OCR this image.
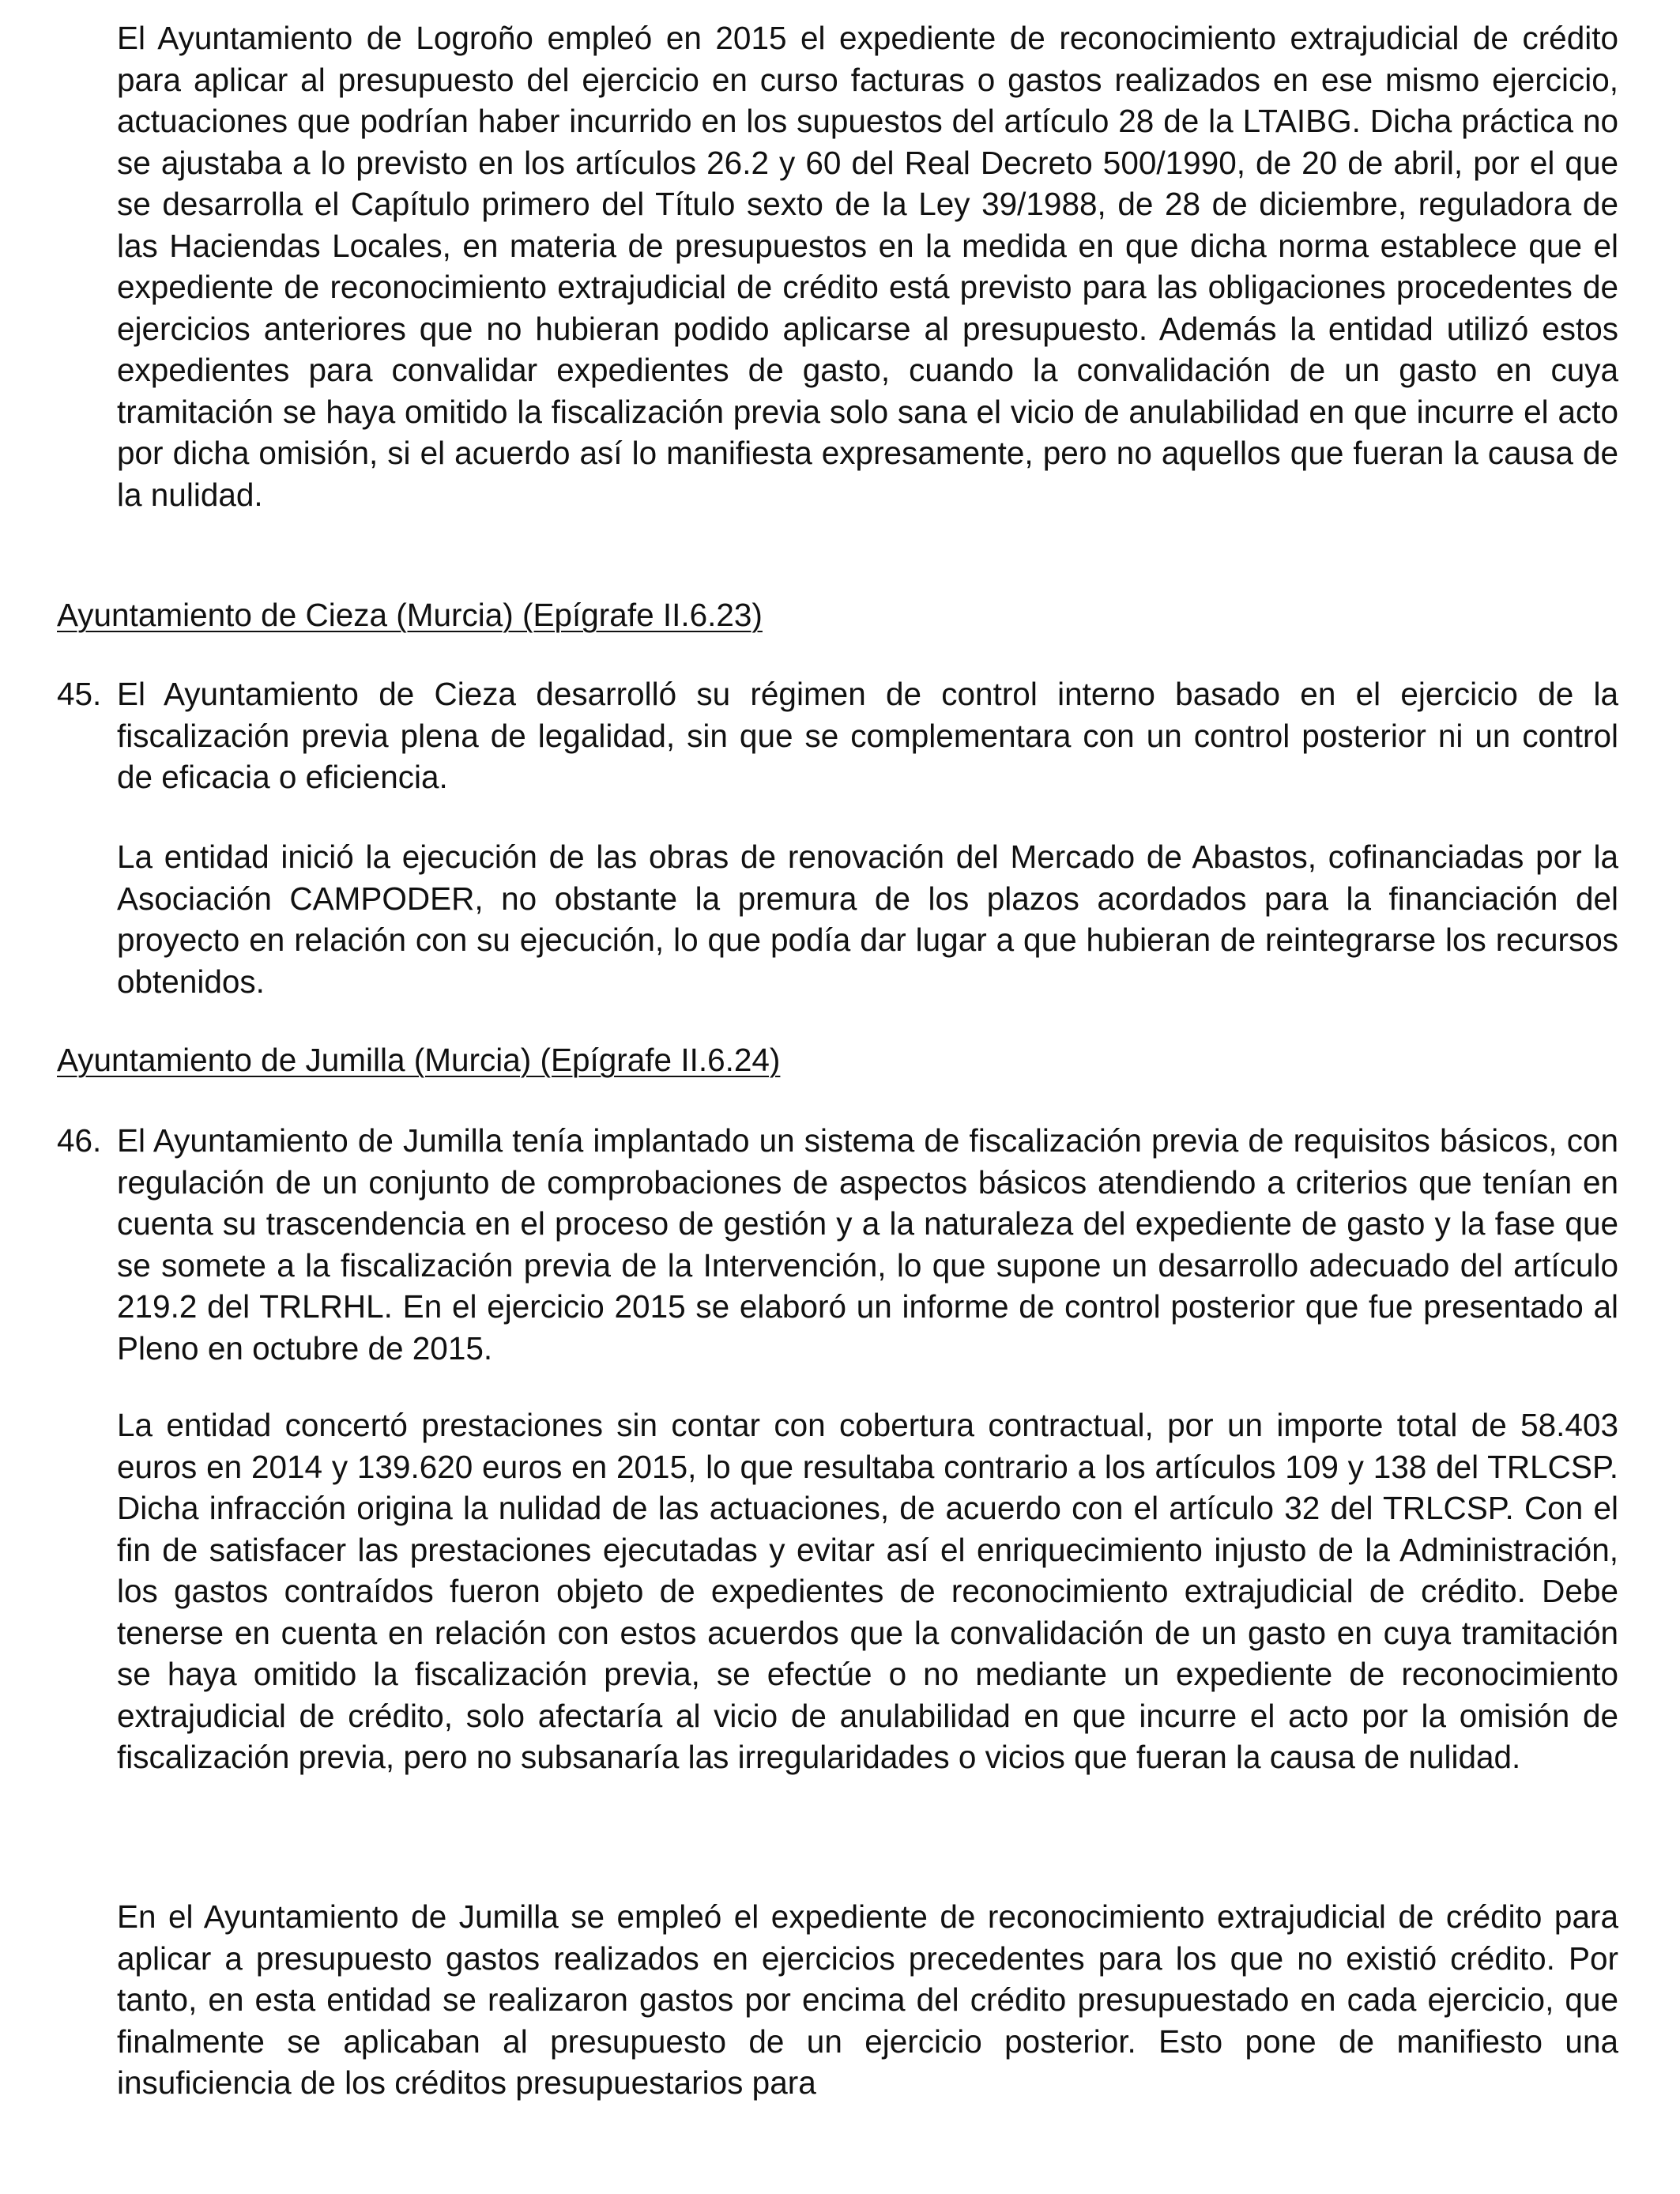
El Ayuntamiento de Logroño empleó en 2015 el expediente de reconocimiento extrajudicial de crédito para aplicar al presupuesto del ejercicio en curso facturas o gastos realizados en ese mismo ejercicio, actuaciones que podrían haber incurrido en los supuestos del artículo 28 de la LTAIBG. Dicha práctica no se ajustaba a lo previsto en los artículos 26.2 y 60 del Real Decreto 500/1990, de 20 de abril, por el que se desarrolla el Capítulo primero del Título sexto de la Ley 39/1988, de 28 de diciembre, reguladora de las Haciendas Locales, en materia de presupuestos en la medida en que dicha norma establece que el expediente de reconocimiento extrajudicial de crédito está previsto para las obligaciones procedentes de ejercicios anteriores que no hubieran podido aplicarse al presupuesto. Además la entidad utilizó estos expedientes para convalidar expedientes de gasto, cuando la convalidación de un gasto en cuya tramitación se haya omitido la fiscalización previa solo sana el vicio de anulabilidad en que incurre el acto por dicha omisión, si el acuerdo así lo manifiesta expresamente, pero no aquellos que fueran la causa de la nulidad.

Ayuntamiento de Cieza (Murcia) (Epígrafe II.6.23)

45. El Ayuntamiento de Cieza desarrolló su régimen de control interno basado en el ejercicio de la fiscalización previa plena de legalidad, sin que se complementara con un control posterior ni un control de eficacia o eficiencia.

La entidad inició la ejecución de las obras de renovación del Mercado de Abastos, cofinanciadas por la Asociación CAMPODER, no obstante la premura de los plazos acordados para la financiación del proyecto en relación con su ejecución, lo que podía dar lugar a que hubieran de reintegrarse los recursos obtenidos.

Ayuntamiento de Jumilla (Murcia) (Epígrafe II.6.24)

46. El Ayuntamiento de Jumilla tenía implantado un sistema de fiscalización previa de requisitos básicos, con regulación de un conjunto de comprobaciones de aspectos básicos atendiendo a criterios que tenían en cuenta su trascendencia en el proceso de gestión y a la naturaleza del expediente de gasto y la fase que se somete a la fiscalización previa de la Intervención, lo que supone un desarrollo adecuado del artículo 219.2 del TRLRHL. En el ejercicio 2015 se elaboró un informe de control posterior que fue presentado al Pleno en octubre de 2015.

La entidad concertó prestaciones sin contar con cobertura contractual, por un importe total de 58.403 euros en 2014 y 139.620 euros en 2015, lo que resultaba contrario a los artículos 109 y 138 del TRLCSP. Dicha infracción origina la nulidad de las actuaciones, de acuerdo con el artículo 32 del TRLCSP. Con el fin de satisfacer las prestaciones ejecutadas y evitar así el enriquecimiento injusto de la Administración, los gastos contraídos fueron objeto de expedientes de reconocimiento extrajudicial de crédito. Debe tenerse en cuenta en relación con estos acuerdos que la convalidación de un gasto en cuya tramitación se haya omitido la fiscalización previa, se efectúe o no mediante un expediente de reconocimiento extrajudicial de crédito, solo afectaría al vicio de anulabilidad en que incurre el acto por la omisión de fiscalización previa, pero no subsanaría las irregularidades o vicios que fueran la causa de nulidad.

En el Ayuntamiento de Jumilla se empleó el expediente de reconocimiento extrajudicial de crédito para aplicar a presupuesto gastos realizados en ejercicios precedentes para los que no existió crédito. Por tanto, en esta entidad se realizaron gastos por encima del crédito presupuestado en cada ejercicio, que finalmente se aplicaban al presupuesto de un ejercicio posterior. Esto pone de manifiesto una insuficiencia de los créditos presupuestarios para
